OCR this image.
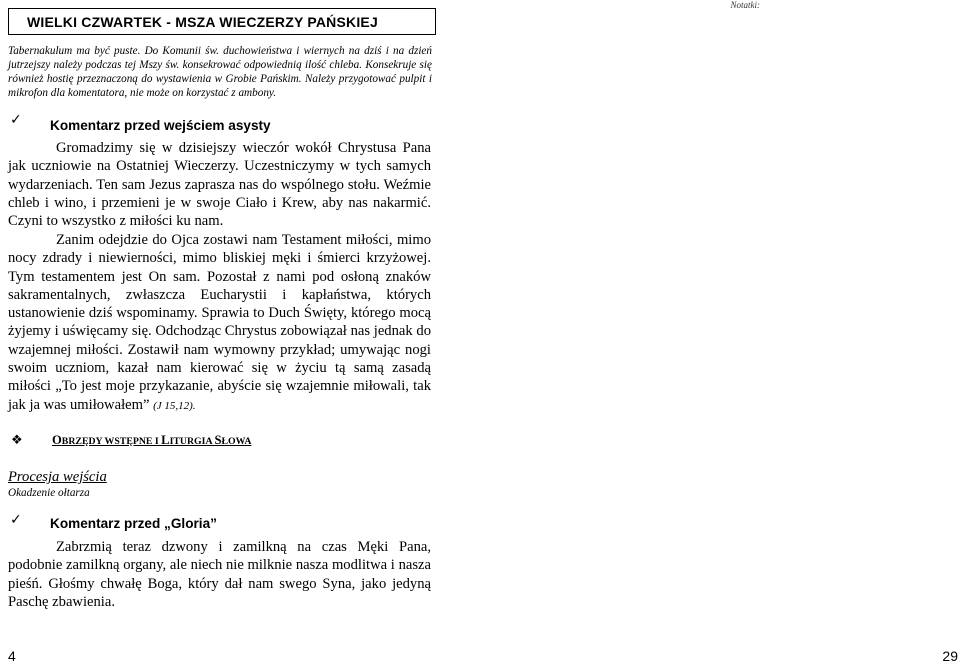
WIELKI CZWARTEK - MSZA WIECZERZY PAŃSKIEJ
Notatki:
Tabernakulum ma być puste. Do Komunii św. duchowieństwa i wiernych na dziś i na dzień jutrzejszy należy podczas tej Mszy św. konsekrować odpowiednią ilość chleba. Konsekruje się również hostię przeznaczoną do wystawienia w Grobie Pańskim. Należy przygotować pulpit i mikrofon dla komentatora, nie może on korzystać z ambony.
✓ Komentarz przed wejściem asysty
Gromadzimy się w dzisiejszy wieczór wokół Chrystusa Pana jak uczniowie na Ostatniej Wieczerzy. Uczestniczymy w tych samych wydarzeniach. Ten sam Jezus zaprasza nas do wspólnego stołu. Weźmie chleb i wino, i przemieni je w swoje Ciało i Krew, aby nas nakarmić. Czyni to wszystko z miłości ku nam.
Zanim odejdzie do Ojca zostawi nam Testament miłości, mimo nocy zdrady i niewierności, mimo bliskiej męki i śmierci krzyżowej. Tym testamentem jest On sam. Pozostał z nami pod osłoną znaków sakramentalnych, zwłaszcza Eucharystii i kapłaństwa, których ustanowienie dziś wspominamy. Sprawia to Duch Święty, którego mocą żyjemy i uświęcamy się. Odchodząc Chrystus zobowiązał nas jednak do wzajemnej miłości. Zostawił nam wymowny przykład; umywając nogi swoim uczniom, kazał nam kierować się w życiu tą samą zasadą miłości „To jest moje przykazanie, abyście się wzajemnie miłowali, tak jak ja was umiłowałem” (J 15,12).
❖ OBRZĘDY WSTĘPNE I LITURGIA SŁOWA
Procesja wejścia
Okadzenie ołtarza
✓ Komentarz przed „Gloria”
Zabrzmią teraz dzwony i zamilkną na czas Męki Pana, podobnie zamilkną organy, ale niech nie milknie nasza modlitwa i nasza pieśń. Głośmy chwałę Boga, który dał nam swego Syna, jako jedyną Paschę zbawienia.
4	29
